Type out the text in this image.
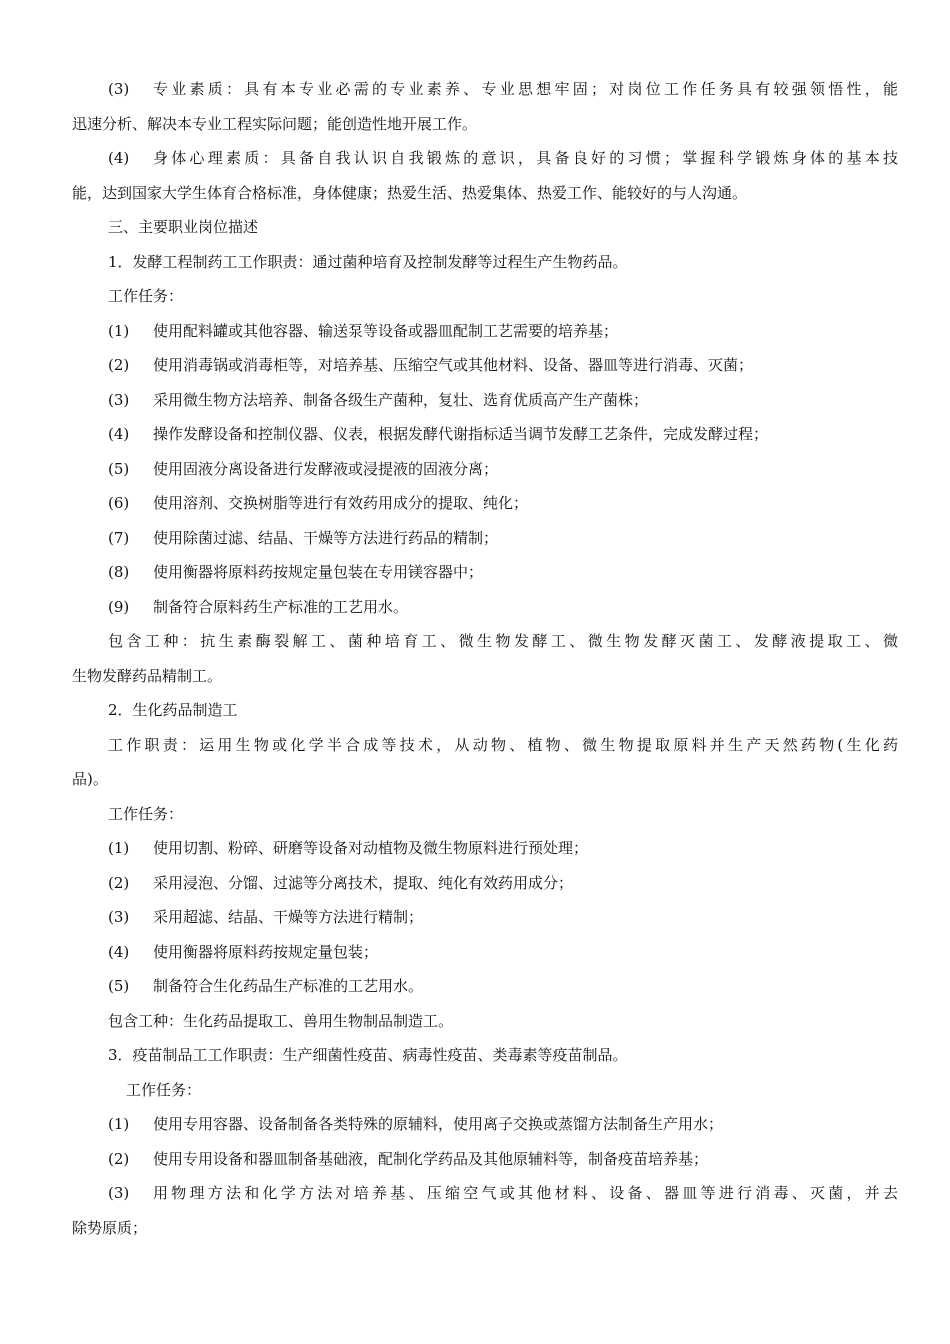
(3)	专业素质：具有本专业必需的专业素养、专业思想牢固；对岗位工作任务具有较强领悟性，能
迅速分析、解决本专业工程实际问题；能创造性地开展工作。
(4)	身体心理素质：具备自我认识自我锻炼的意识，具备良好的习惯；掌握科学锻炼身体的基本技
能，达到国家大学生体育合格标准，身体健康；热爱生活、热爱集体、热爱工作、能较好的与人沟通。
三、主要职业岗位描述
1．发酵工程制药工工作职责：通过菌种培育及控制发酵等过程生产生物药品。
工作任务：
(1)	使用配料罐或其他容器、输送泵等设备或器皿配制工艺需要的培养基；
(2)	使用消毒锅或消毒柜等，对培养基、压缩空气或其他材料、设备、器皿等进行消毒、灭菌；
(3)	采用微生物方法培养、制备各级生产菌种，复壮、选育优质高产生产菌株；
(4)	操作发酵设备和控制仪器、仪表，根据发酵代谢指标适当调节发酵工艺条件，完成发酵过程；
(5)	使用固液分离设备进行发酵液或浸提液的固液分离；
(6)	使用溶剂、交换树脂等进行有效药用成分的提取、纯化；
(7)	使用除菌过滤、结晶、干燥等方法进行药品的精制；
(8)	使用衡器将原料药按规定量包装在专用镁容器中；
(9)	制备符合原料药生产标准的工艺用水。
包含工种：抗生素酶裂解工、菌种培育工、微生物发酵工、微生物发酵灭菌工、发酵液提取工、微
生物发酵药品精制工。
2．生化药品制造工
工作职责：运用生物或化学半合成等技术，从动物、植物、微生物提取原料并生产天然药物(生化药
品)。
工作任务：
(1)	使用切割、粉碎、研磨等设备对动植物及微生物原料进行预处理；
(2)	采用浸泡、分馏、过滤等分离技术，提取、纯化有效药用成分；
(3)	采用超滤、结晶、干燥等方法进行精制；
(4)	使用衡器将原料药按规定量包装；
(5)	制备符合生化药品生产标准的工艺用水。
包含工种：生化药品提取工、兽用生物制品制造工。
3．疫苗制品工工作职责：生产细菌性疫苗、病毒性疫苗、类毒素等疫苗制品。
工作任务：
(1)	使用专用容器、设备制备各类特殊的原辅料，使用离子交换或蒸馏方法制备生产用水；
(2)	使用专用设备和器皿制备基础液，配制化学药品及其他原辅料等，制备疫苗培养基；
(3)	用物理方法和化学方法对培养基、压缩空气或其他材料、设备、器皿等进行消毒、灭菌，并去
除势原质；
